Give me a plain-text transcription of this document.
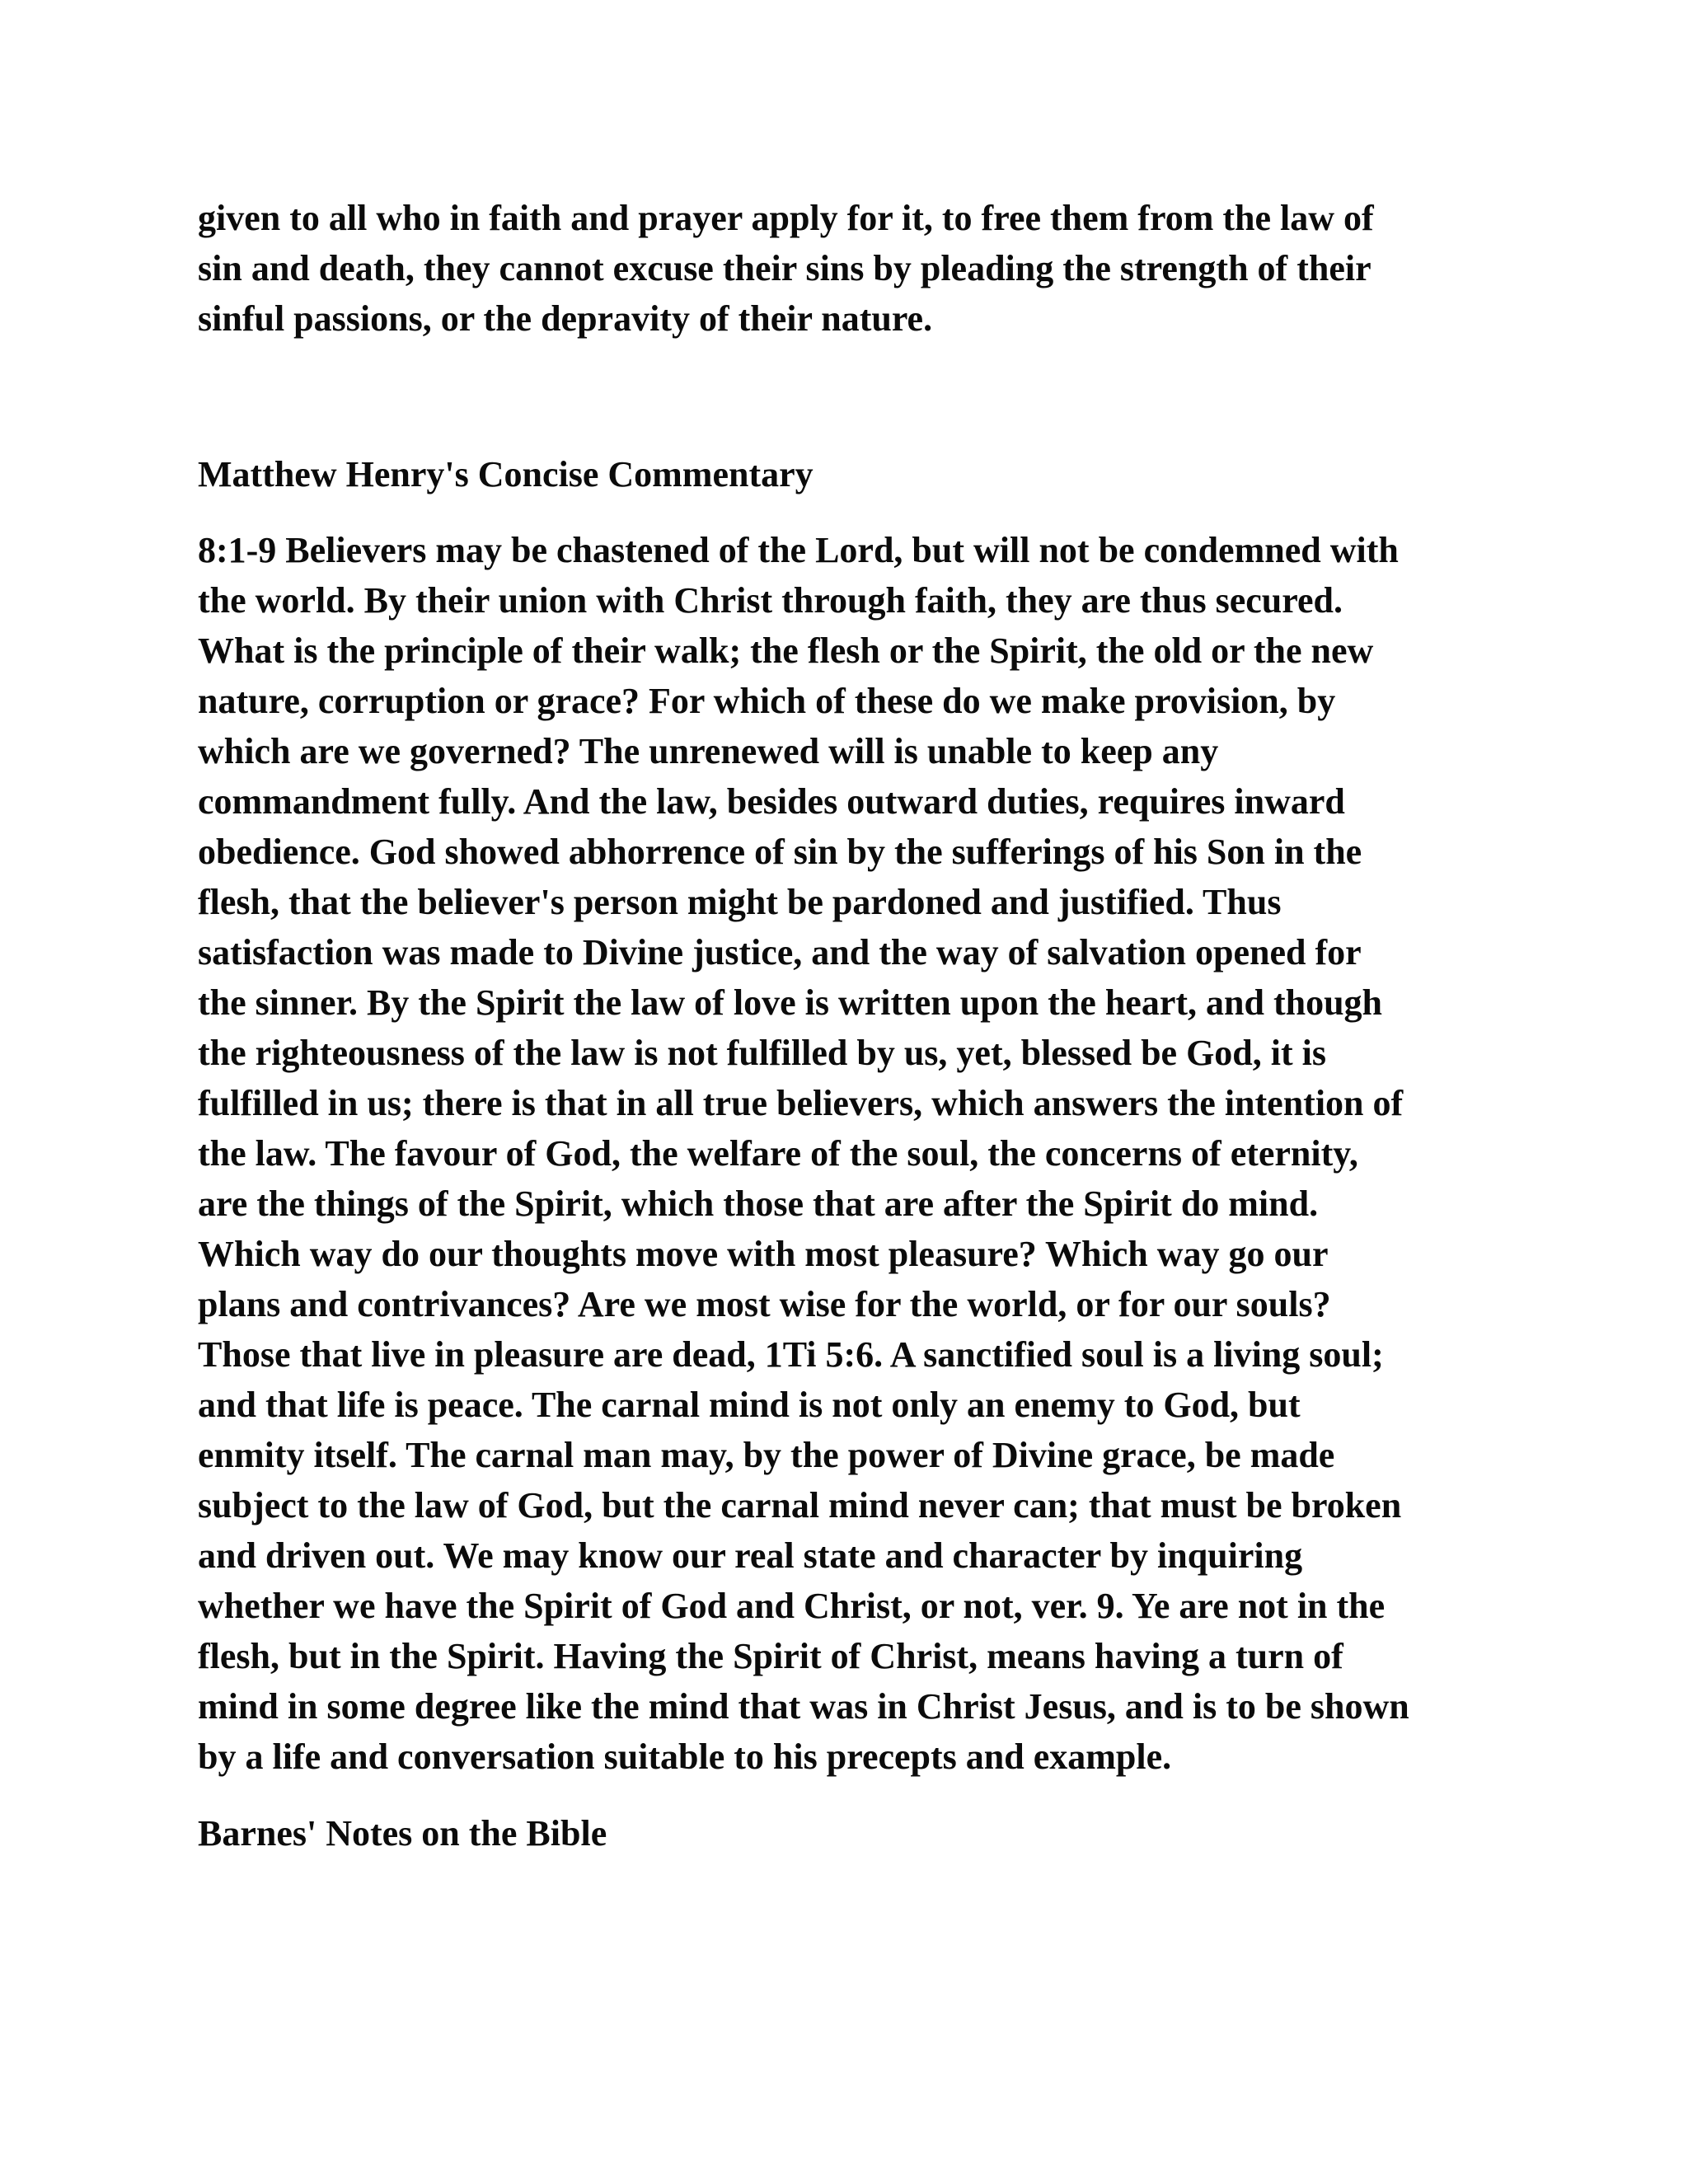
given to all who in faith and prayer apply for it, to free them from the law of
sin and death, they cannot excuse their sins by pleading the strength of their
sinful passions, or the depravity of their nature.
Matthew Henry's Concise Commentary
8:1-9 Believers may be chastened of the Lord, but will not be condemned with
the world. By their union with Christ through faith, they are thus secured.
What is the principle of their walk; the flesh or the Spirit, the old or the new
nature, corruption or grace? For which of these do we make provision, by
which are we governed? The unrenewed will is unable to keep any
commandment fully. And the law, besides outward duties, requires inward
obedience. God showed abhorrence of sin by the sufferings of his Son in the
flesh, that the believer's person might be pardoned and justified. Thus
satisfaction was made to Divine justice, and the way of salvation opened for
the sinner. By the Spirit the law of love is written upon the heart, and though
the righteousness of the law is not fulfilled by us, yet, blessed be God, it is
fulfilled in us; there is that in all true believers, which answers the intention of
the law. The favour of God, the welfare of the soul, the concerns of eternity,
are the things of the Spirit, which those that are after the Spirit do mind.
Which way do our thoughts move with most pleasure? Which way go our
plans and contrivances? Are we most wise for the world, or for our souls?
Those that live in pleasure are dead, 1Ti 5:6. A sanctified soul is a living soul;
and that life is peace. The carnal mind is not only an enemy to God, but
enmity itself. The carnal man may, by the power of Divine grace, be made
subject to the law of God, but the carnal mind never can; that must be broken
and driven out. We may know our real state and character by inquiring
whether we have the Spirit of God and Christ, or not, ver. 9. Ye are not in the
flesh, but in the Spirit. Having the Spirit of Christ, means having a turn of
mind in some degree like the mind that was in Christ Jesus, and is to be shown
by a life and conversation suitable to his precepts and example.
Barnes' Notes on the Bible
